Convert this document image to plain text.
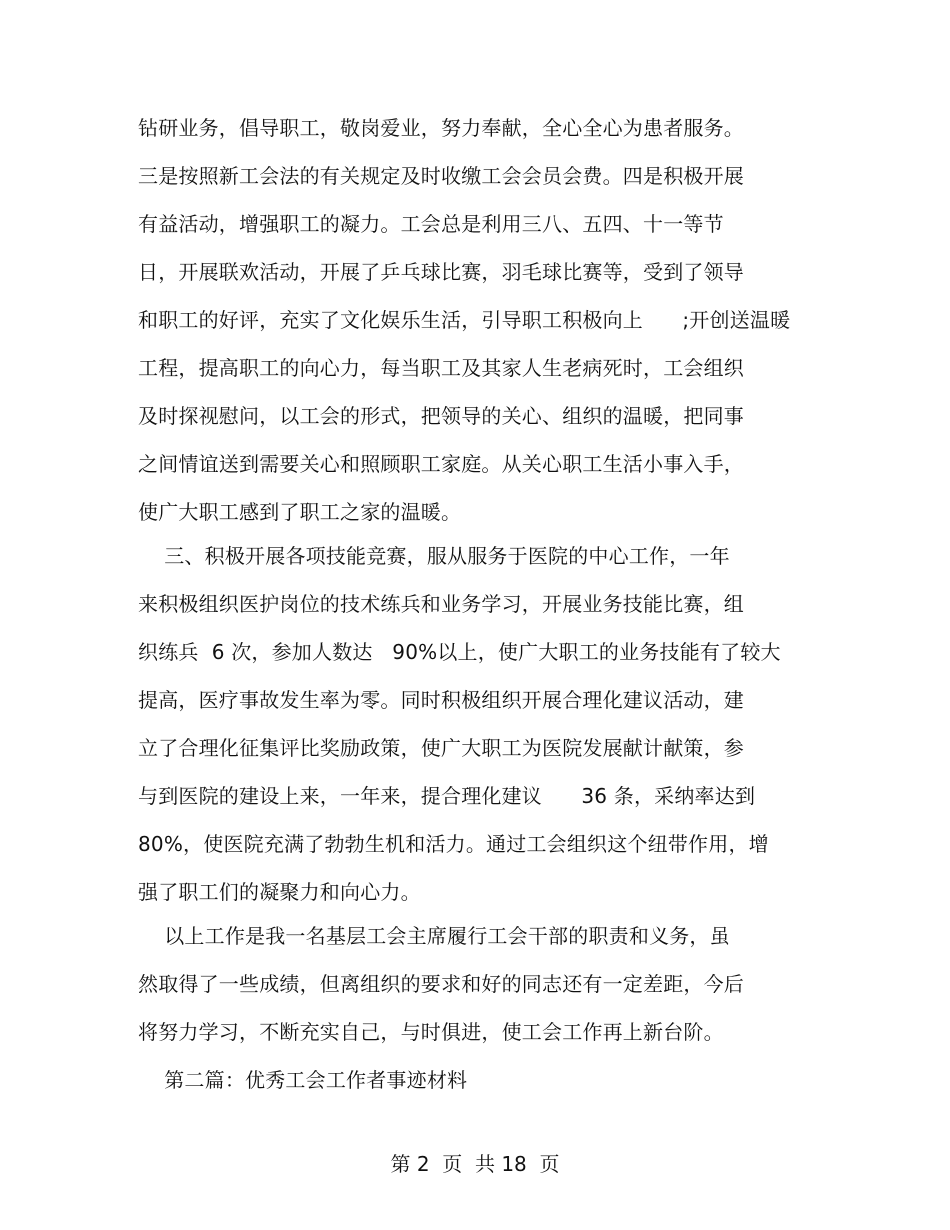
钻研业务，倡导职工，敬岗爱业，努力奉献，全心全心为患者服务。
三是按照新工会法的有关规定及时收缴工会会员会费。四是积极开展
有益活动，增强职工的凝力。工会总是利用三八、五四、十一等节
日，开展联欢活动，开展了乒乓球比赛，羽毛球比赛等，受到了领导
和职工的好评，充实了文化娱乐生活，引导职工积极向上      ;开创送温暖
工程，提高职工的向心力，每当职工及其家人生老病死时，工会组织
及时探视慰问，以工会的形式，把领导的关心、组织的温暖，把同事
之间情谊送到需要关心和照顾职工家庭。从关心职工生活小事入手，
使广大职工感到了职工之家的温暖。
三、积极开展各项技能竞赛，服从服务于医院的中心工作，一年
来积极组织医护岗位的技术练兵和业务学习，开展业务技能比赛，组
织练兵  6 次，参加人数达   90%以上，使广大职工的业务技能有了较大
提高，医疗事故发生率为零。同时积极组织开展合理化建议活动，建
立了合理化征集评比奖励政策，使广大职工为医院发展献计献策，参
与到医院的建设上来，一年来，提合理化建议      36 条，采纳率达到
80%，使医院充满了勃勃生机和活力。通过工会组织这个纽带作用，增
强了职工们的凝聚力和向心力。
以上工作是我一名基层工会主席履行工会干部的职责和义务，虽
然取得了一些成绩，但离组织的要求和好的同志还有一定差距，今后
将努力学习，不断充实自己，与时俱进，使工会工作再上新台阶。
第二篇：优秀工会工作者事迹材料
第 2  页  共 18  页
